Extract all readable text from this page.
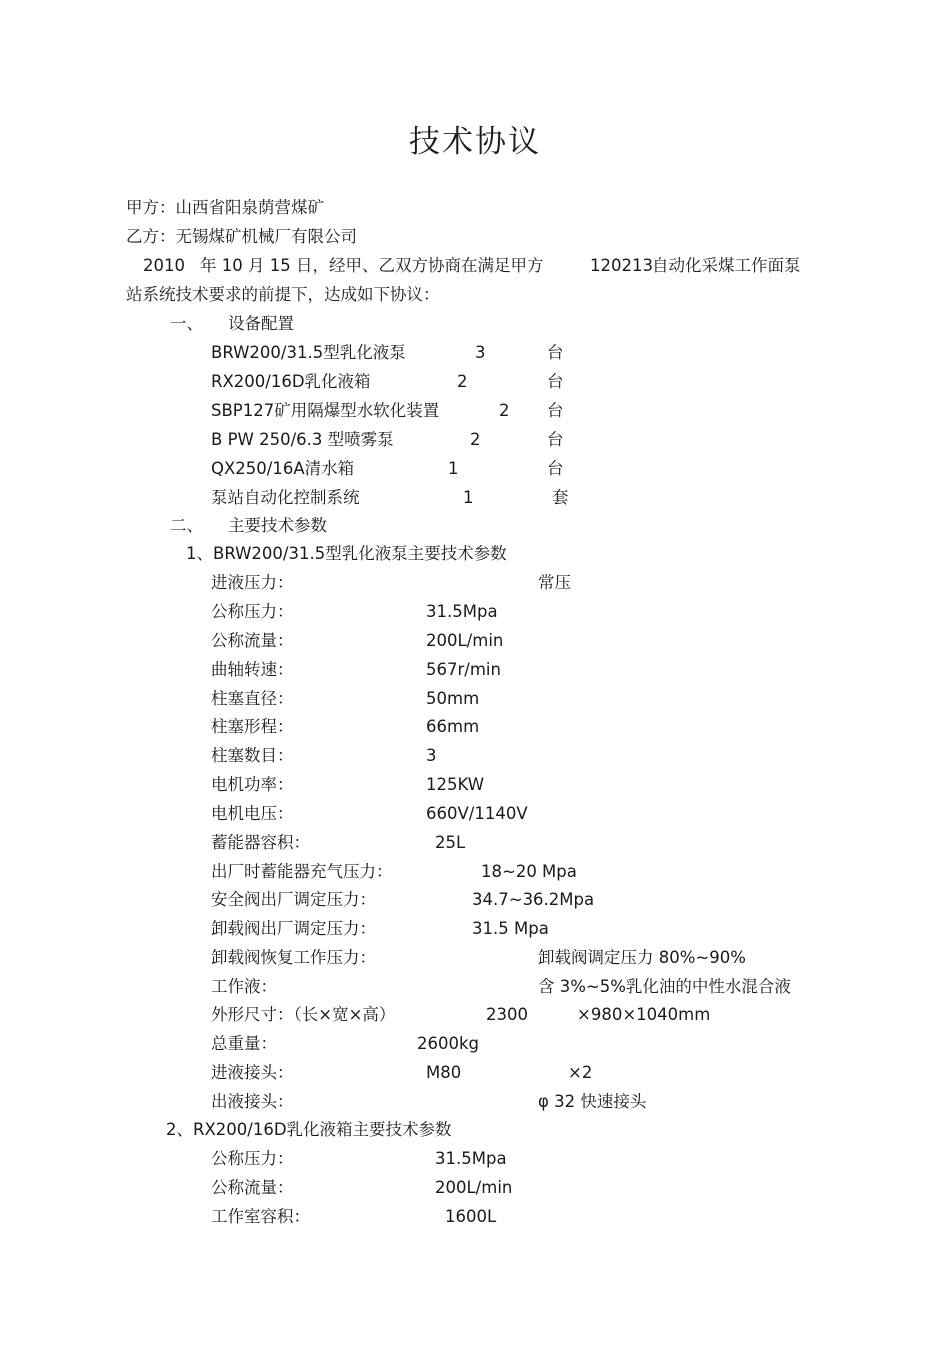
技术协议
甲方：山西省阳泉荫营煤矿
乙方：无锡煤矿机械厂有限公司
2010 年 10 月 15 日，经甲、乙双方协商在满足甲方	120213 自动化采煤工作面泵
站系统技术要求的前提下，达成如下协议：
一、 设备配置
BRW200/31.5型乳化液泵	3	台
RX200/16D乳化液箱	2	台
SBP127矿用隔爆型水软化装置	2 台
B PW 250/6.3 型喷雾泵	2	台
QX250/16A清水箱	1	台
泵站自动化控制系统	1	套
二、 主要技术参数
1、BRW200/31.5型乳化液泵主要技术参数
进液压力：	常压
公称压力：	31.5Mpa
公称流量：	200L/min
曲轴转速：	567r/min
柱塞直径：	50mm
柱塞形程：	66mm
柱塞数目：	3
电机功率：	125KW
电机电压：	660V/1140V
蓄能器容积：	25L
出厂时蓄能器充气压力：	18~20 Mpa
安全阀出厂调定压力：	34.7~36.2Mpa
卸载阀出厂调定压力：	31.5 Mpa
卸载阀恢复工作压力：	卸载阀调定压力 80%~90%
工作液：	含 3%~5%乳化油的中性水混合液
外形尺寸：（长×宽×高）	2300	×980×1040mm
总重量：	2600kg
进液接头：	M80	×2
出液接头：	φ 32 快速接头
2、RX200/16D乳化液箱主要技术参数
公称压力：	31.5Mpa
公称流量：	200L/min
工作室容积：	1600L
